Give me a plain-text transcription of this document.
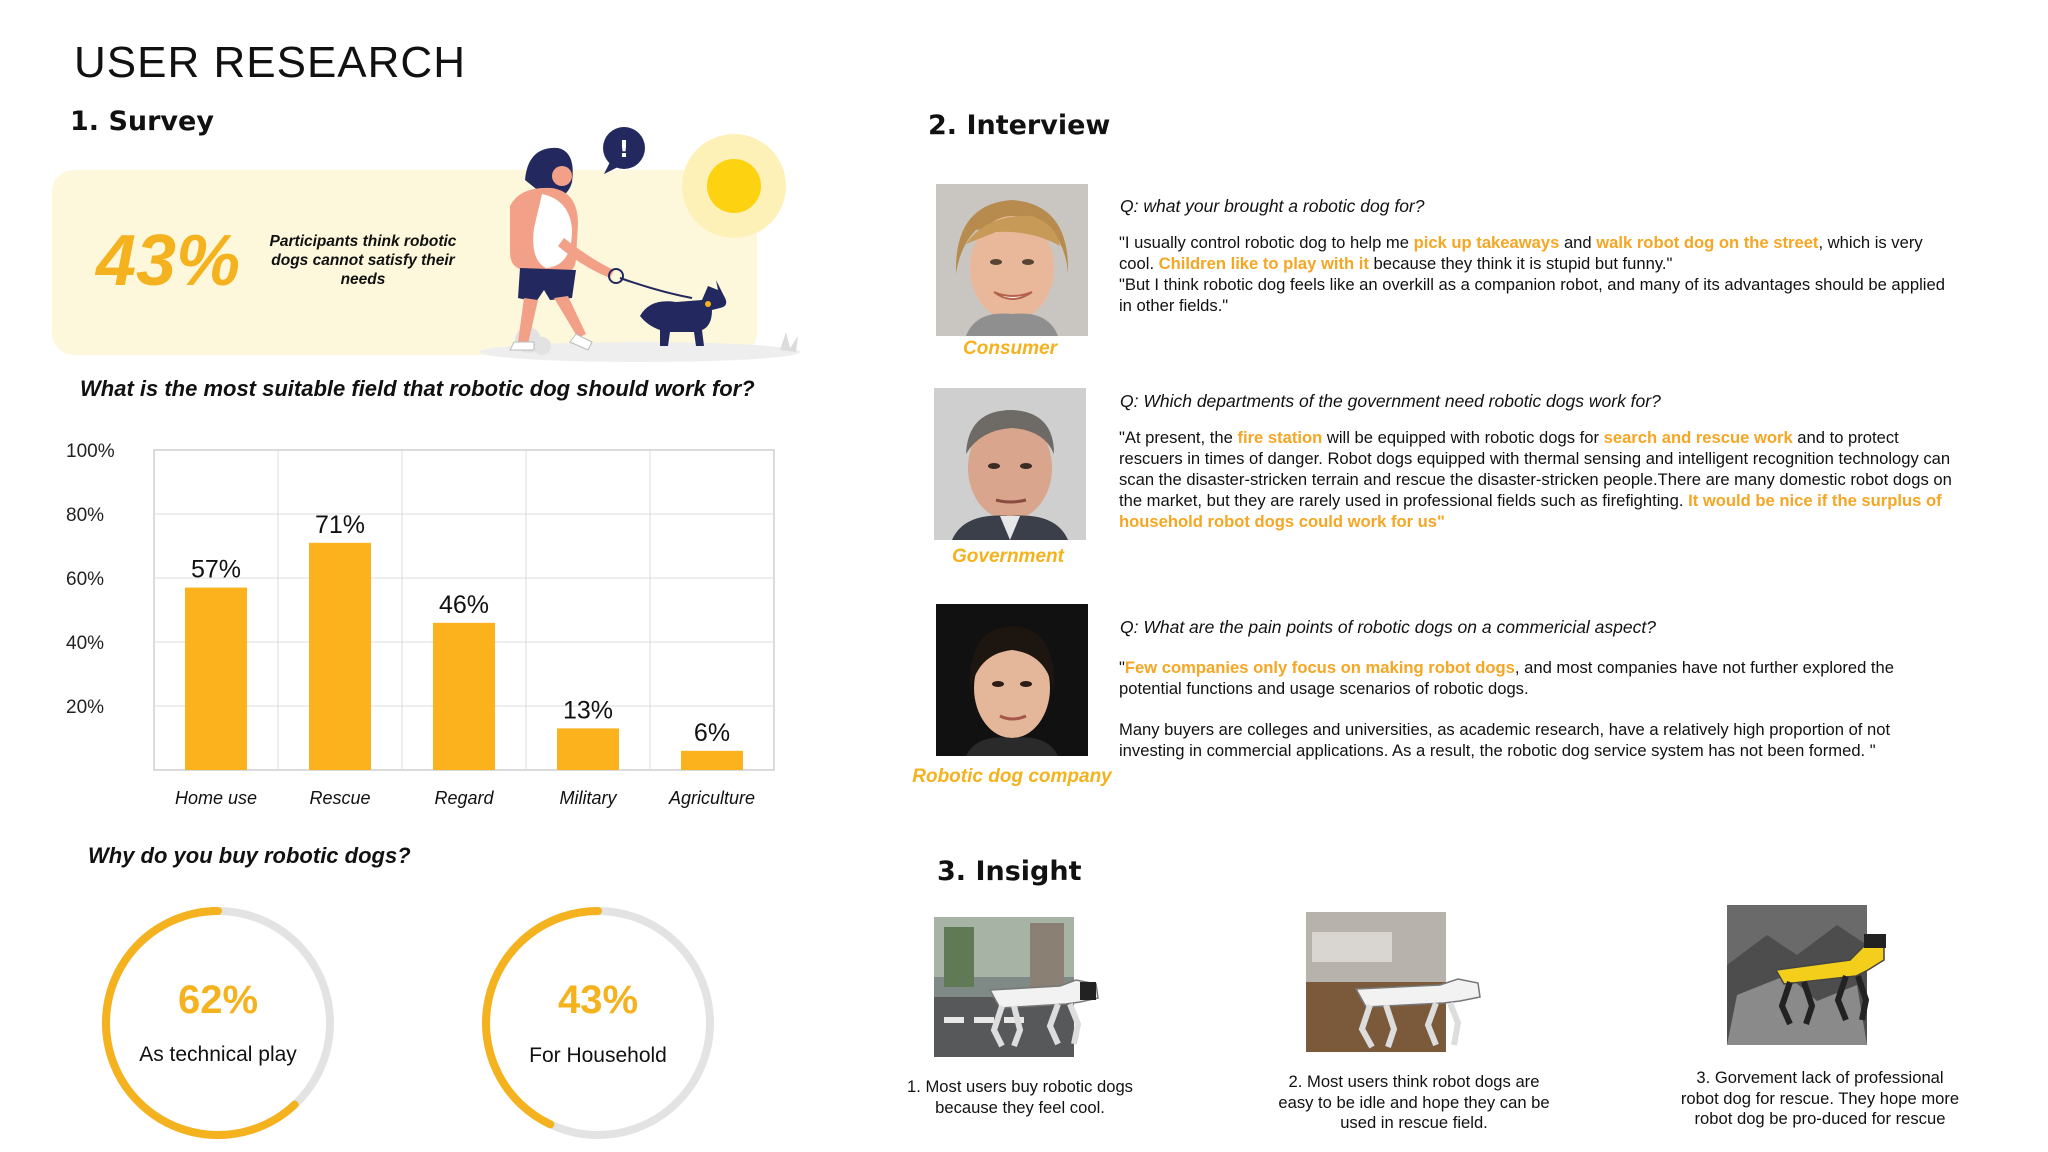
USER RESEARCH
1. Survey
43%	Participants think robotic dogs cannot satisfy their needs
!
What is the most suitable field that robotic dog should work for?
100%
80%
60%
40%
20%
57%
Home use
71%
Rescue
46%
Regard
13%
Military
6%
Agriculture
Why do you buy robotic dogs?
62%
As technical play
43%
For Household
2. Interview
Consumer
Q: what your brought a robotic dog for?
"I usually control robotic dog to help me pick up takeaways and walk robot dog on the street, which is very cool. Children like to play with it because they think it is stupid but funny."
"But I think robotic dog feels like an overkill as a companion robot, and many of its advantages should be applied in other fields."
Government
Q: Which departments of the government need robotic dogs work for?
"At present, the fire station will be equipped with robotic dogs for search and rescue work and to protect rescuers in times of danger. Robot dogs equipped with thermal sensing and intelligent recognition technology can scan the disaster-stricken terrain and rescue the disaster-stricken people.There are many domestic robot dogs on the market, but they are rarely used in professional fields such as firefighting. It would be nice if the surplus of household robot dogs could work for us"
Robotic dog company
Q: What are the pain points of robotic dogs on a commericial aspect?
"Few companies only focus on making robot dogs, and most companies have not further explored the potential functions and usage scenarios of robotic dogs.
Many buyers are colleges and universities, as academic research, have a relatively high proportion of not investing in commercial applications. As a result, the robotic dog service system has not been formed. "
3. Insight
1. Most users buy robotic dogs because they feel cool.
2. Most users think robot dogs are easy to be idle and hope they can be used in rescue field.
3. Gorvement lack of professional robot dog for rescue. They hope more robot dog be pro-duced for rescue
